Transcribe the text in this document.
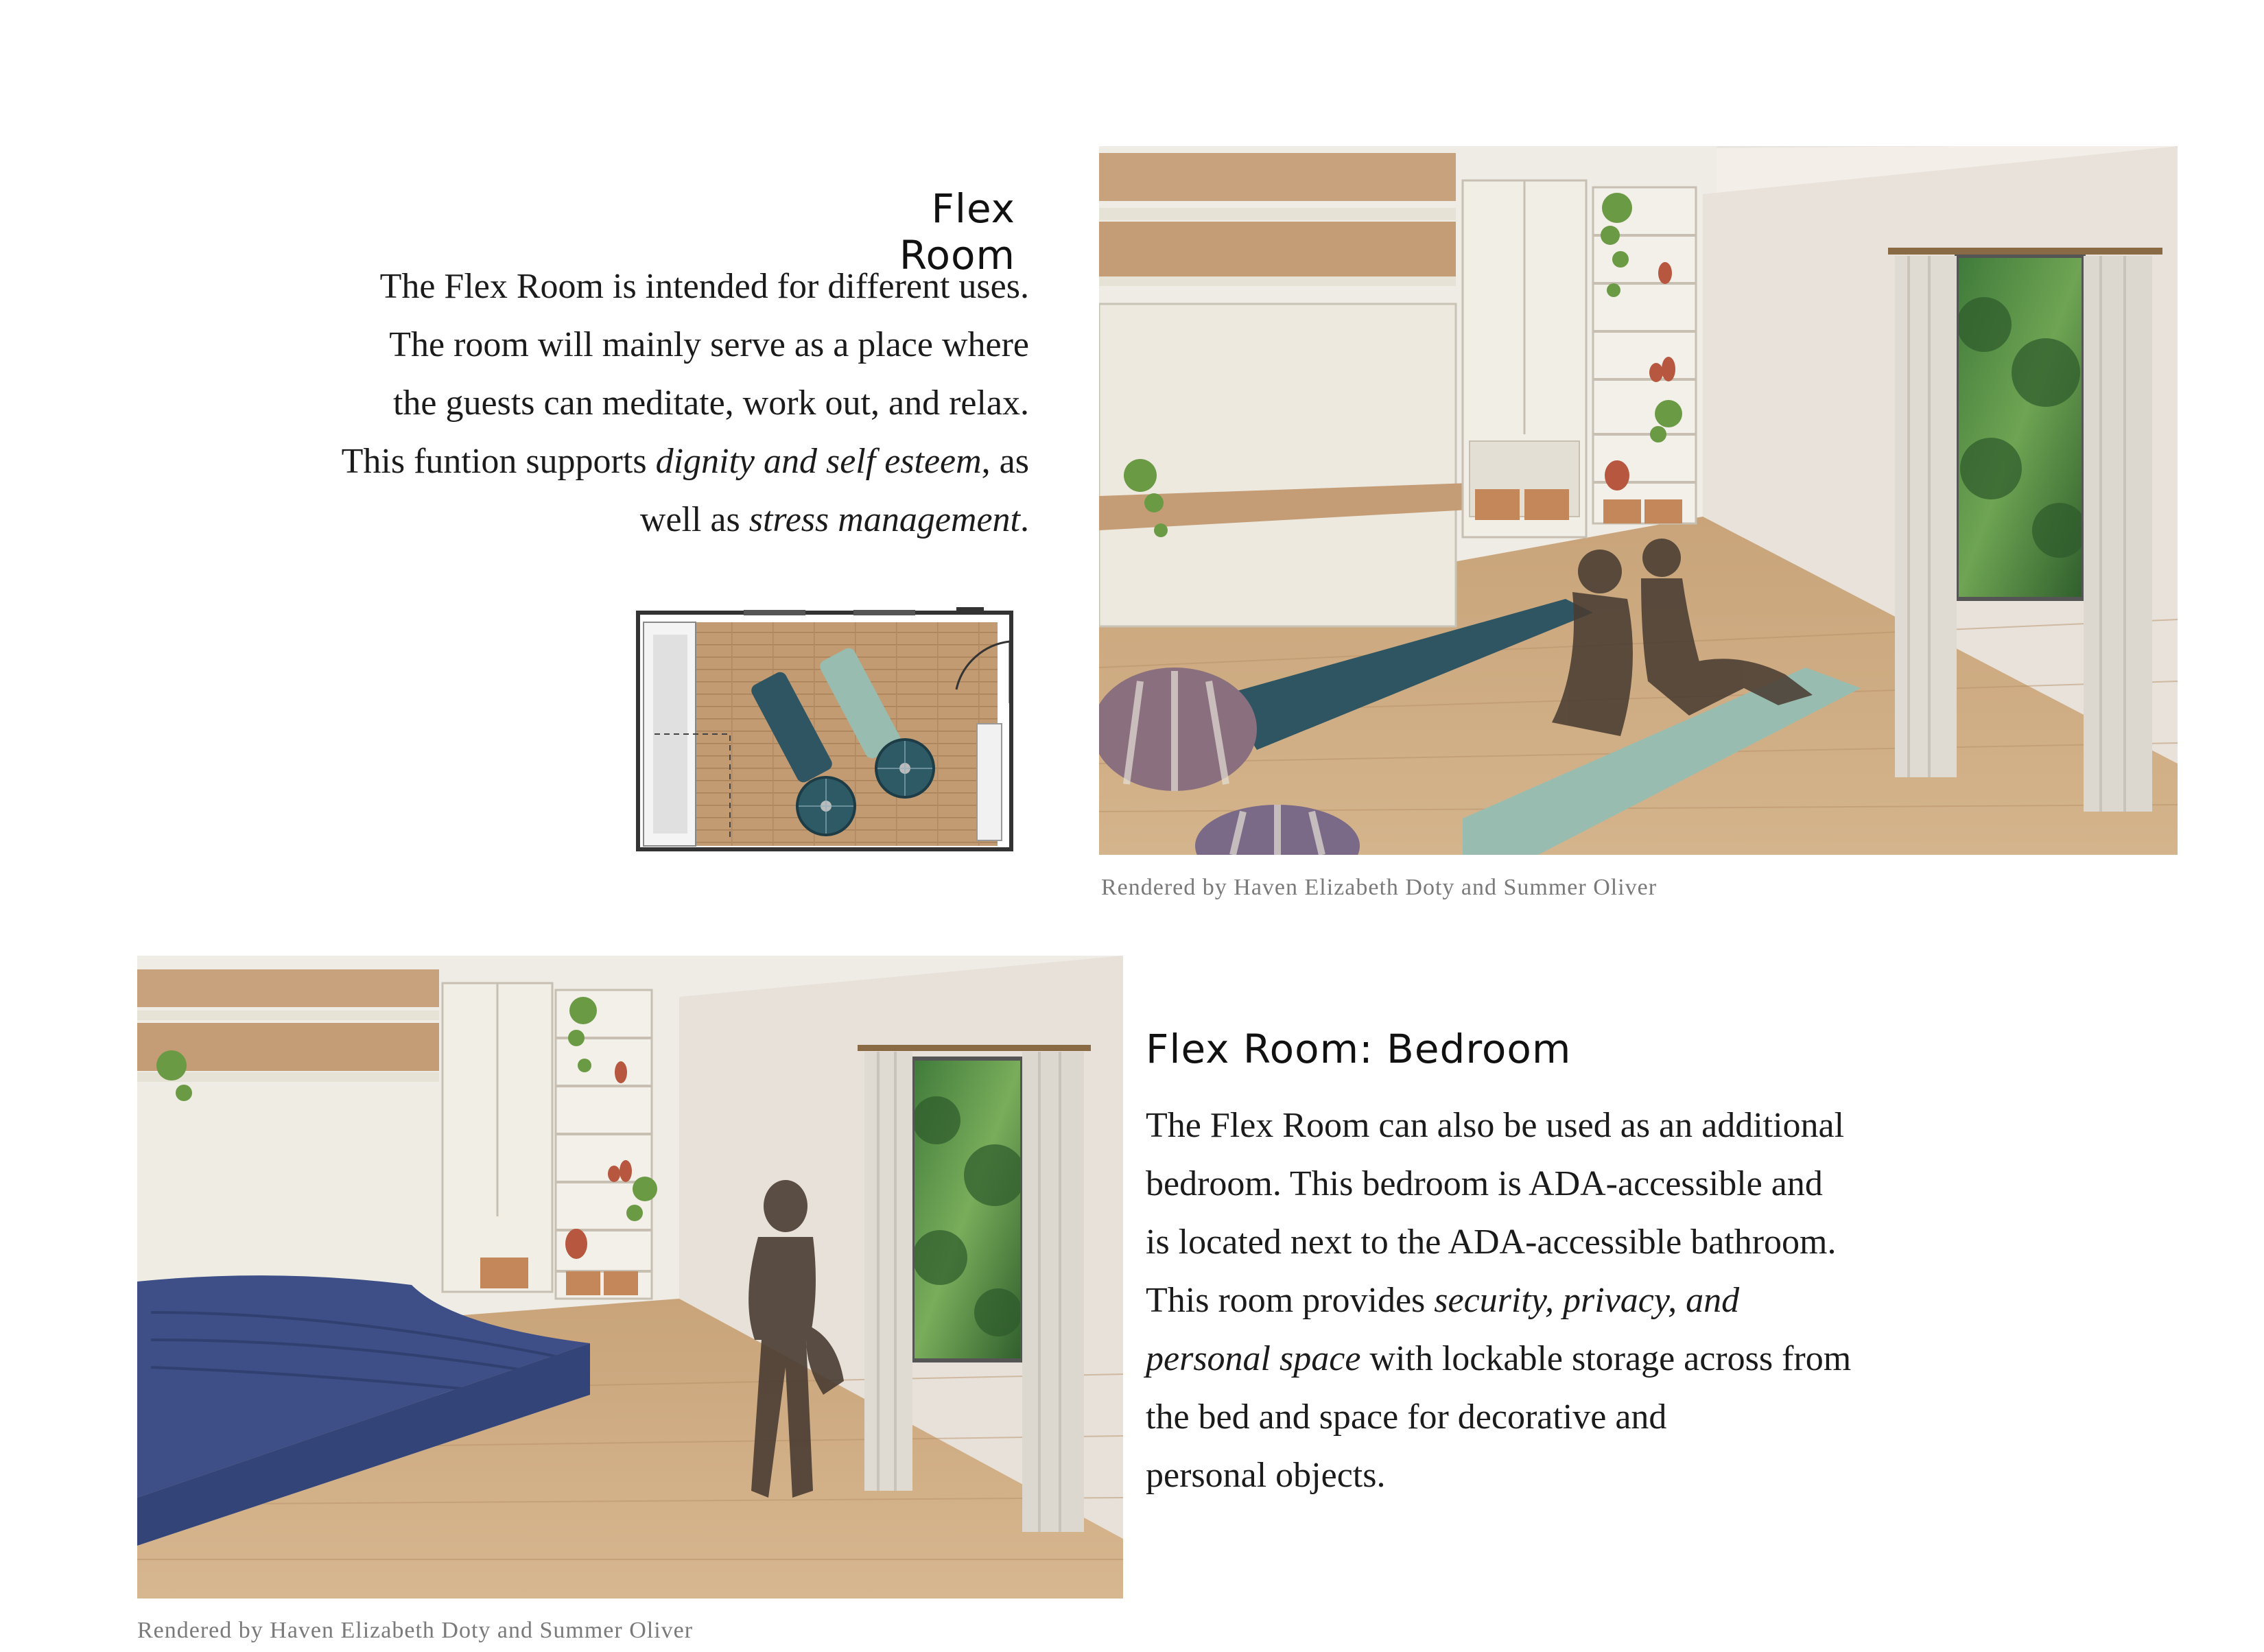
Flex Room
The Flex Room is intended for different uses.
The room will mainly serve as a place where
the guests can meditate, work out, and relax.
This funtion supports dignity and self esteem, as
well as stress management.
Rendered by Haven Elizabeth Doty and Summer Oliver
Rendered by Haven Elizabeth Doty and Summer Oliver
Flex Room: Bedroom
The Flex Room can also be used as an additional
bedroom. This bedroom is ADA-accessible and
is located next to the ADA-accessible bathroom.
This room provides security, privacy, and
personal space with lockable storage across from
the bed and space for decorative and
personal objects.
